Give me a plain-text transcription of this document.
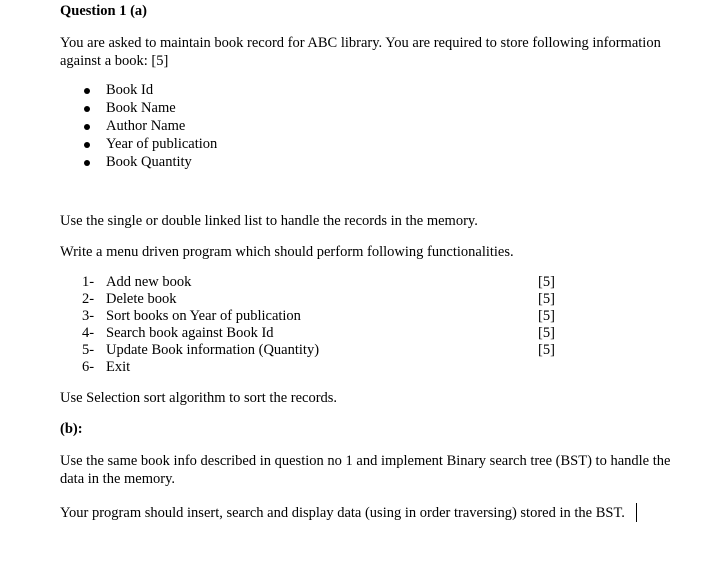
Question 1 (a)
You are asked to maintain book record for ABC library. You are required to store following information
against a book: [5]
Book Id
Book Name
Author Name
Year of publication
Book Quantity
Use the single or double linked list to handle the records in the memory.
Write a menu driven program which should perform following functionalities.
1- Add new book	[5]
2- Delete book	[5]
3- Sort books on Year of publication	[5]
4- Search book against Book Id	[5]
5- Update Book information (Quantity)	[5]
6- Exit
Use Selection sort algorithm to sort the records.
(b):
Use the same book info described in question no 1 and implement Binary search tree (BST) to handle the
data in the memory.
Your program should insert, search and display data (using in order traversing) stored in the BST.
